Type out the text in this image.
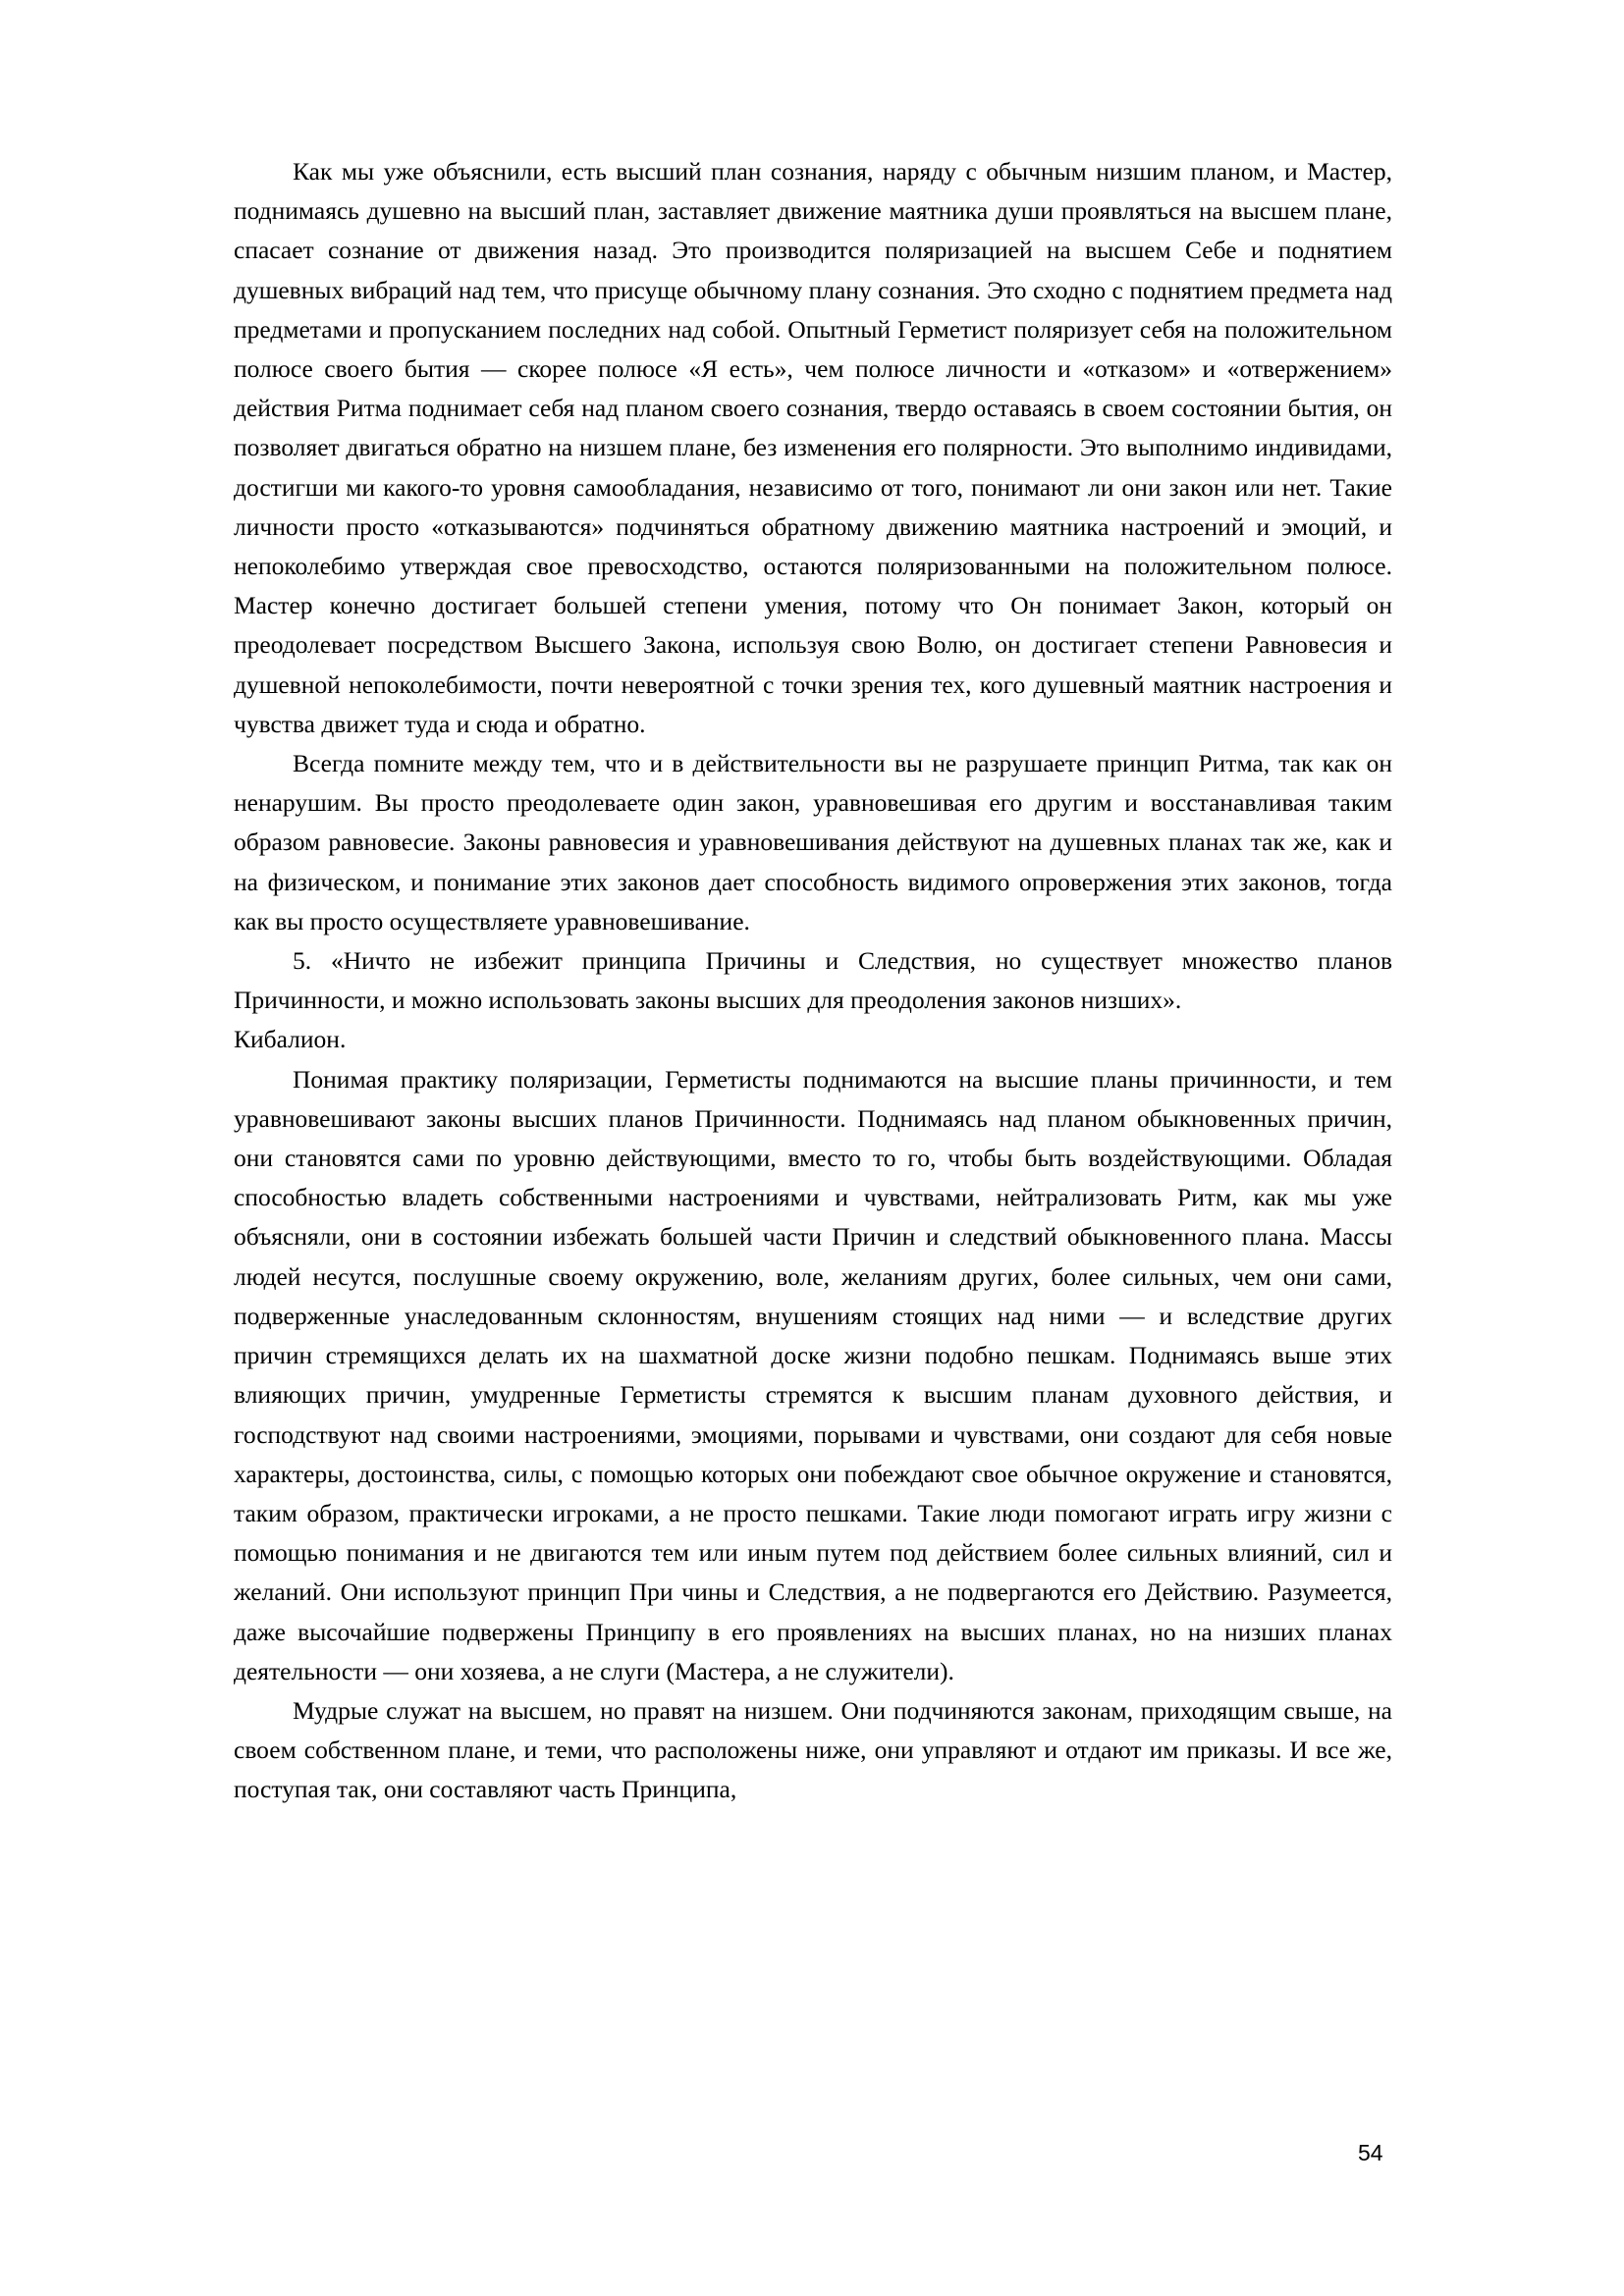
Как мы уже объяснили, есть высший план сознания, наряду с обычным низшим планом, и Мастер, поднимаясь душевно на высший план, заставляет движение маятника души проявляться на высшем плане, спасает сознание от движения назад. Это производится поляризацией на высшем Себе и поднятием душевных вибраций над тем, что присуще обычному плану сознания. Это сходно с поднятием предмета над предметами и пропусканием последних над собой. Опытный Герметист поляризует себя на положительном полюсе своего бытия — скорее полюсе «Я есть», чем полюсе личности и «отказом» и «отвержением» действия Ритма поднимает себя над планом своего сознания, твердо оставаясь в своем состоянии бытия, он позволяет двигаться обратно на низшем плане, без изменения его полярности. Это выполнимо индивидами, достигши ми какого-то уровня самообладания, независимо от того, понимают ли они закон или нет. Такие личности просто «отказываются» подчиняться обратному движению маятника настроений и эмоций, и непоколебимо утверждая свое превосходство, остаются поляризованными на положительном полюсе. Мастер конечно достигает большей степени умения, потому что Он понимает Закон, который он преодолевает посредством Высшего Закона, используя свою Волю, он достигает степени Равновесия и душевной непоколебимости, почти невероятной с точки зрения тех, кого душевный маятник настроения и чувства движет туда и сюда и обратно.

Всегда помните между тем, что и в действительности вы не разрушаете принцип Ритма, так как он ненарушим. Вы просто преодолеваете один закон, уравновешивая его другим и восстанавливая таким образом равновесие. Законы равновесия и уравновешивания действуют на душевных планах так же, как и на физическом, и понимание этих законов дает способность видимого опровержения этих законов, тогда как вы просто осуществляете уравновешивание.

5. «Ничто не избежит принципа Причины и Следствия, но существует множество планов Причинности, и можно использовать законы высших для преодоления законов низших».

Кибалион.

Понимая практику поляризации, Герметисты поднимаются на высшие планы причинности, и тем уравновешивают законы высших планов Причинности. Поднимаясь над планом обыкновенных причин, они становятся сами по уровню действующими, вместо то го, чтобы быть воздействующими. Обладая способностью владеть собственными настроениями и чувствами, нейтрализовать Ритм, как мы уже объясняли, они в состоянии избежать большей части Причин и следствий обыкновенного плана. Массы людей несутся, послушные своему окружению, воле, желаниям других, более сильных, чем они сами, подверженные унаследованным склонностям, внушениям стоящих над ними — и вследствие других причин стремящихся делать их на шахматной доске жизни подобно пешкам. Поднимаясь выше этих влияющих причин, умудренные Герметисты стремятся к высшим планам духовного действия, и господствуют над своими настроениями, эмоциями, порывами и чувствами, они создают для себя новые характеры, достоинства, силы, с помощью которых они побеждают свое обычное окружение и становятся, таким образом, практически игроками, а не просто пешками. Такие люди помогают играть игру жизни с помощью понимания и не двигаются тем или иным путем под действием более сильных влияний, сил и желаний. Они используют принцип При чины и Следствия, а не подвергаются его Действию. Разумеется, даже высочайшие подвержены Принципу в его проявлениях на высших планах, но на низших планах деятельности — они хозяева, а не слуги (Мастера, а не служители).

Мудрые служат на высшем, но правят на низшем. Они подчиняются законам, приходящим свыше, на своем собственном плане, и теми, что расположены ниже, они управляют и отдают им приказы. И все же, поступая так, они составляют часть Принципа,

54
